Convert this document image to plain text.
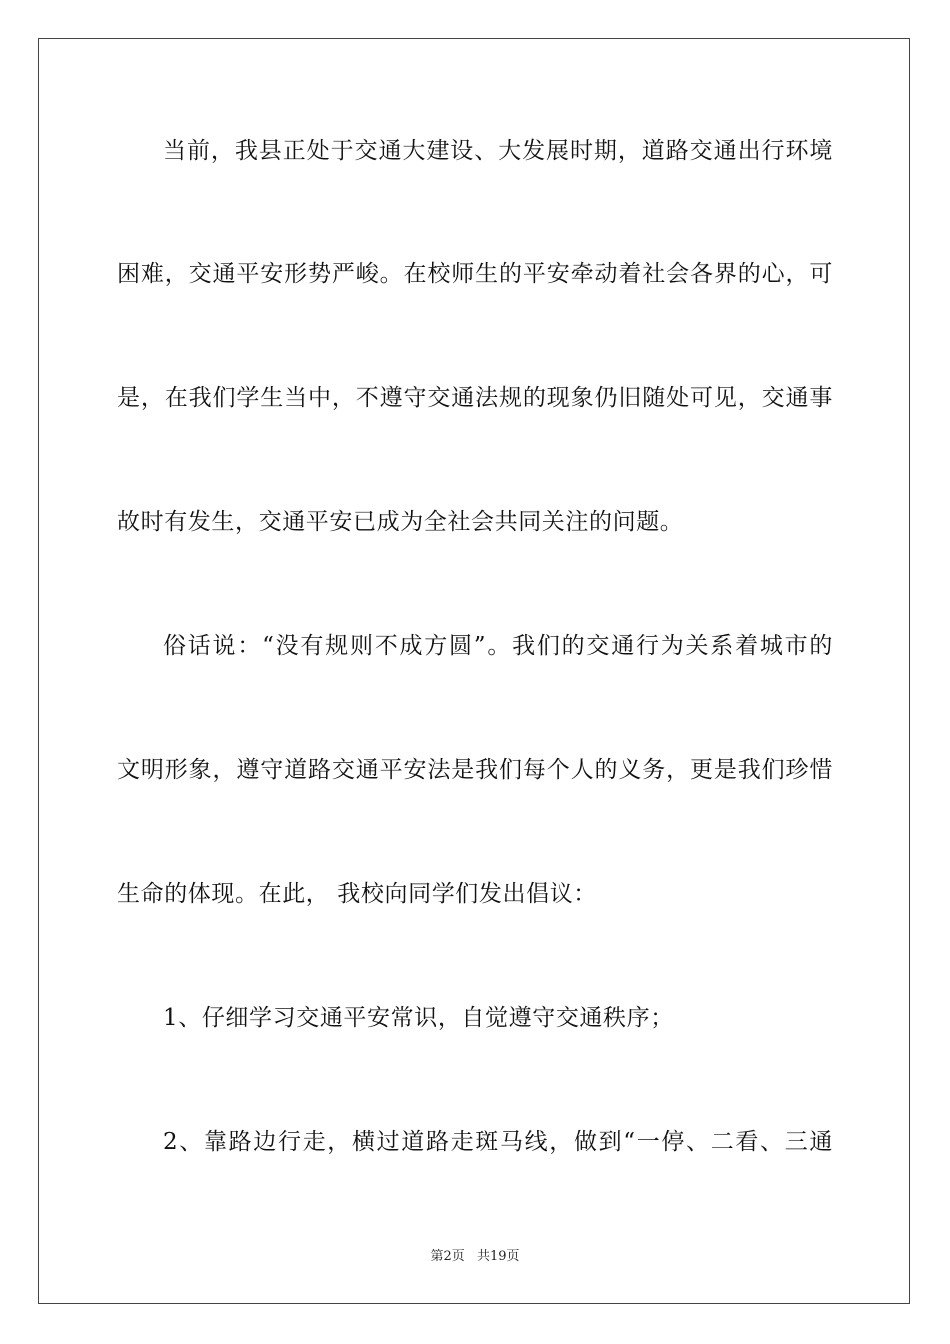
当前，我县正处于交通大建设、大发展时期，道路交通出行环境
困难，交通平安形势严峻。在校师生的平安牵动着社会各界的心，可
是，在我们学生当中，不遵守交通法规的现象仍旧随处可见，交通事
故时有发生，交通平安已成为全社会共同关注的问题。
俗话说：“没有规则不成方圆”。我们的交通行为关系着城市的
文明形象，遵守道路交通平安法是我们每个人的义务，更是我们珍惜
生命的体现。在此， 我校向同学们发出倡议：
1、仔细学习交通平安常识，自觉遵守交通秩序；
2、靠路边行走，横过道路走斑马线，做到“一停、二看、三通
第2页 共19页
